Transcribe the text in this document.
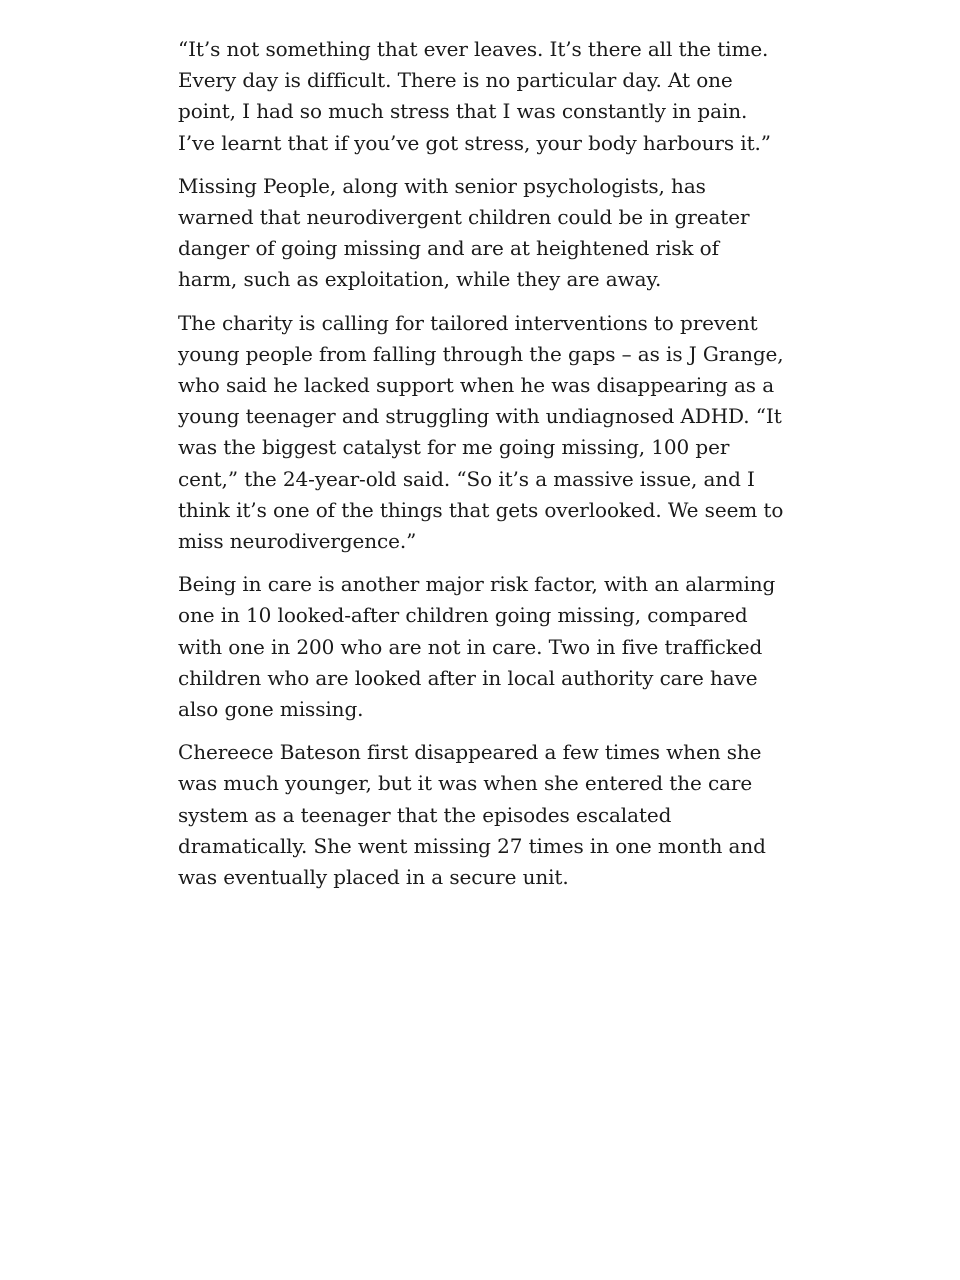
“It’s not something that ever leaves. It’s there all the time. Every day is difficult. There is no particular day. At one point, I had so much stress that I was constantly in pain. I’ve learnt that if you’ve got stress, your body harbours it.”

Missing People, along with senior psychologists, has warned that neurodivergent children could be in greater danger of going missing and are at heightened risk of harm, such as exploitation, while they are away.

The charity is calling for tailored interventions to prevent young people from falling through the gaps – as is J Grange, who said he lacked support when he was disappearing as a young teenager and struggling with undiagnosed ADHD. “It was the biggest catalyst for me going missing, 100 per cent,” the 24-year-old said. “So it’s a massive issue, and I think it’s one of the things that gets overlooked. We seem to miss neurodivergence.”

Being in care is another major risk factor, with an alarming one in 10 looked-after children going missing, compared with one in 200 who are not in care. Two in five trafficked children who are looked after in local authority care have also gone missing.

Chereece Bateson first disappeared a few times when she was much younger, but it was when she entered the care system as a teenager that the episodes escalated dramatically. She went missing 27 times in one month and was eventually placed in a secure unit.
